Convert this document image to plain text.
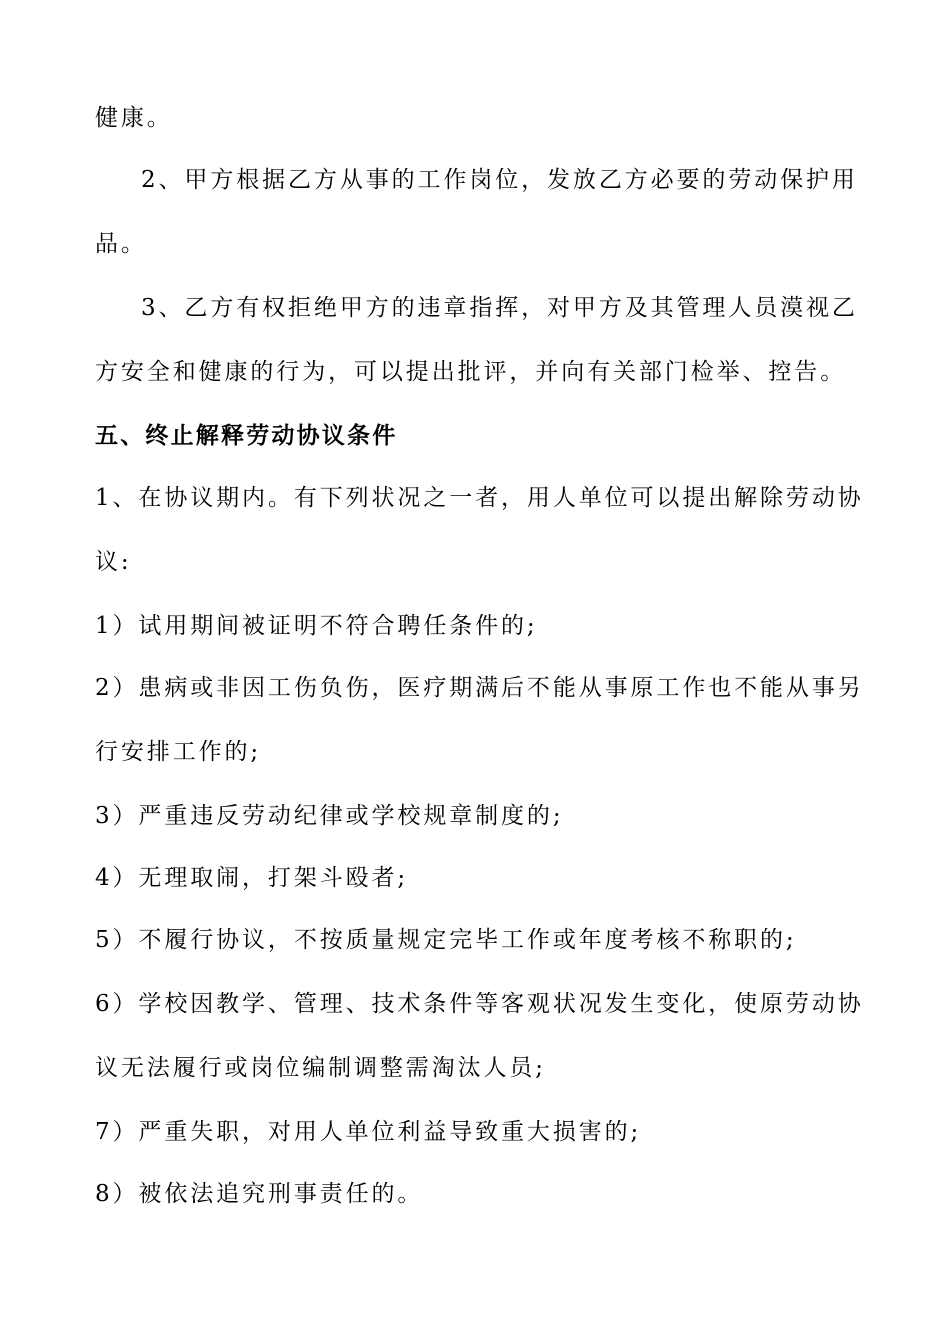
健康。
2、甲方根据乙方从事的工作岗位，发放乙方必要的劳动保护用
品。
3、乙方有权拒绝甲方的违章指挥，对甲方及其管理人员漠视乙
方安全和健康的行为，可以提出批评，并向有关部门检举、控告。
五、终止解释劳动协议条件
1、在协议期内。有下列状况之一者，用人单位可以提出解除劳动协
议:
1）试用期间被证明不符合聘任条件的;
2）患病或非因工伤负伤，医疗期满后不能从事原工作也不能从事另
行安排工作的;
3）严重违反劳动纪律或学校规章制度的;
4）无理取闹，打架斗殴者;
5）不履行协议，不按质量规定完毕工作或年度考核不称职的;
6）学校因教学、管理、技术条件等客观状况发生变化，使原劳动协
议无法履行或岗位编制调整需淘汰人员;
7）严重失职，对用人单位利益导致重大损害的;
8）被依法追究刑事责任的。
